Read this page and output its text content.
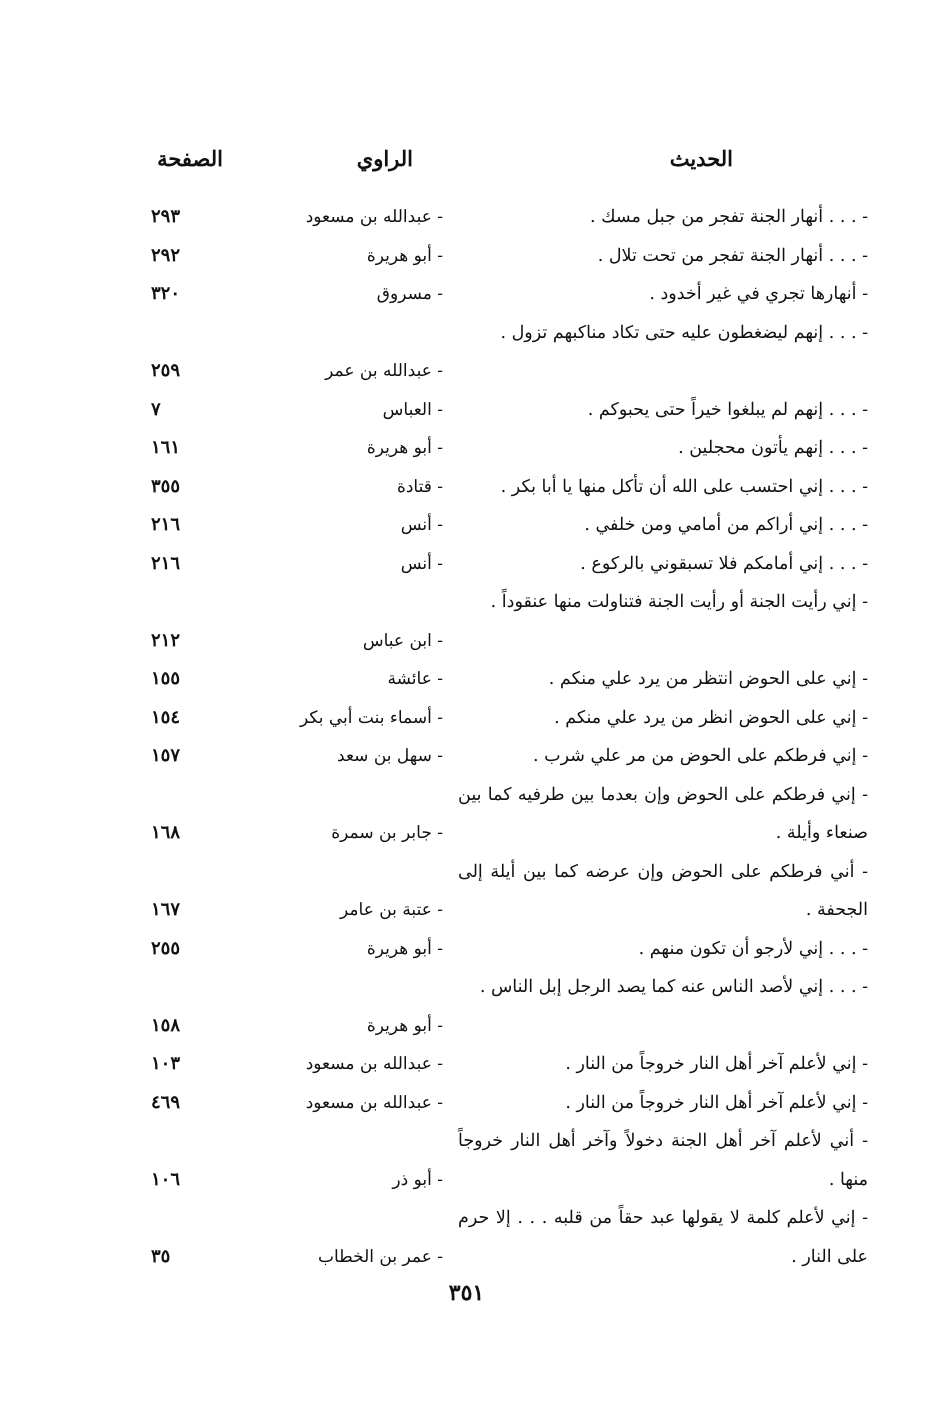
الحديث
الراوي
الصفحة
- . . . أنهار الجنة تفجر من جبل مسك .
- عبدالله بن مسعود
٢٩٣
- . . . أنهار الجنة تفجر من تحت تلال .
- أبو هريرة
٢٩٢
- أنهارها تجري في غير أخدود .
- مسروق
٣٢٠
- . . . إنهم ليضغطون عليه حتى تكاد مناكبهم تزول .
- عبدالله بن عمر
٢٥٩
- . . . إنهم لم يبلغوا خيراً حتى يحبوكم .
- العباس
٧
- . . . إنهم يأتون محجلين .
- أبو هريرة
١٦١
- . . . إني احتسب على الله أن تأكل منها يا أبا بكر .
- قتادة
٣٥٥
- . . . إني أراكم من أمامي ومن خلفي .
- أنس
٢١٦
- . . . إني أمامكم فلا تسبقوني بالركوع .
- أنس
٢١٦
- إني رأيت الجنة أو رأيت الجنة فتناولت منها عنقوداً .
- ابن عباس
٢١٢
- إني على الحوض انتظر من يرد علي منكم .
- عائشة
١٥٥
- إني على الحوض انظر من يرد علي منكم .
- أسماء بنت أبي بكر
١٥٤
- إني فرطكم على الحوض من مر علي شرب .
- سهل بن سعد
١٥٧
- إني فرطكم على الحوض وإن بعدما بين طرفيه كما بين صنعاء وأيلة .
- جابر بن سمرة
١٦٨
- أني فرطكم على الحوض وإن عرضه كما بين أيلة إلى الجحفة .
- عتبة بن عامر
١٦٧
- . . . إني لأرجو أن تكون منهم .
- أبو هريرة
٢٥٥
- . . . إني لأصد الناس عنه كما يصد الرجل إبل الناس .
- أبو هريرة
١٥٨
- إني لأعلم آخر أهل النار خروجاً من النار .
- عبدالله بن مسعود
١٠٣
- إني لأعلم آخر أهل النار خروجاً من النار .
- عبدالله بن مسعود
٤٦٩
- أني لأعلم آخر أهل الجنة دخولاً وآخر أهل النار خروجاً منها .
- أبو ذر
١٠٦
- إني لأعلم كلمة لا يقولها عبد حقاً من قلبه . . . إلا حرم على النار .
- عمر بن الخطاب
٣٥
٣٥١
